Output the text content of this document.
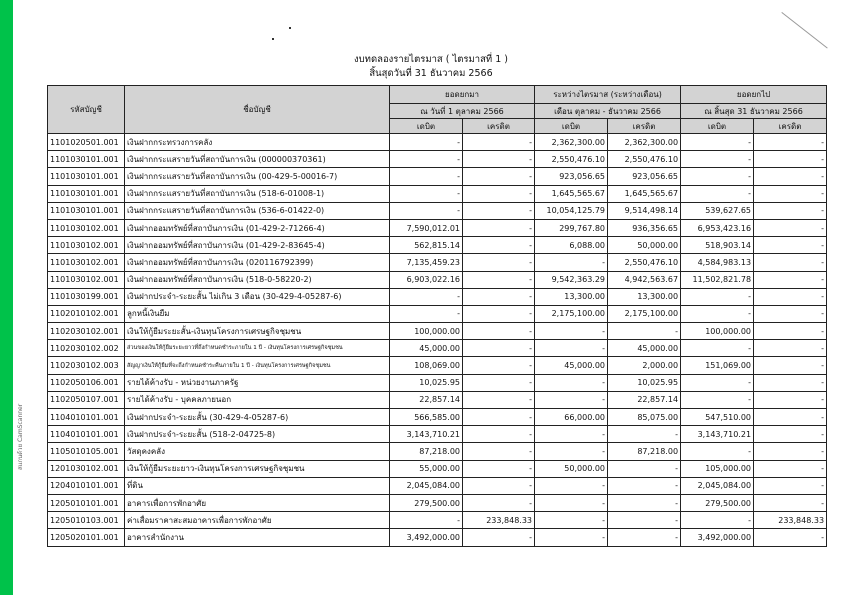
สแกนด้วย CamScanner
งบทดลองรายไตรมาส ( ไตรมาสที่ 1 )
สิ้นสุดวันที่ 31 ธันวาคม 2566
รหัสบัญชี	ชื่อบัญชี	ยอดยกมา		ระหว่างไตรมาส (ระหว่างเดือน)		ยอดยกไป	
		ณ วันที่ 1 ตุลาคม 2566		เดือน ตุลาคม - ธันวาคม 2566		ณ สิ้นสุด 31 ธันวาคม 2566	
		เดบิต	เครดิต	เดบิต	เครดิต	เดบิต	เครดิต
1101020501.001	เงินฝากกระทรวงการคลัง	-	-	2,362,300.00	2,362,300.00	-	-
1101030101.001	เงินฝากกระแสรายวันที่สถาบันการเงิน (000000370361)	-	-	2,550,476.10	2,550,476.10	-	-
1101030101.001	เงินฝากกระแสรายวันที่สถาบันการเงิน (00-429-5-00016-7)	-	-	923,056.65	923,056.65	-	-
1101030101.001	เงินฝากกระแสรายวันที่สถาบันการเงิน (518-6-01008-1)	-	-	1,645,565.67	1,645,565.67	-	-
1101030101.001	เงินฝากกระแสรายวันที่สถาบันการเงิน (536-6-01422-0)	-	-	10,054,125.79	9,514,498.14	539,627.65	-
1101030102.001	เงินฝากออมทรัพย์ที่สถาบันการเงิน (01-429-2-71266-4)	7,590,012.01	-	299,767.80	936,356.65	6,953,423.16	-
1101030102.001	เงินฝากออมทรัพย์ที่สถาบันการเงิน (01-429-2-83645-4)	562,815.14	-	6,088.00	50,000.00	518,903.14	-
1101030102.001	เงินฝากออมทรัพย์ที่สถาบันการเงิน (020116792399)	7,135,459.23	-	-	2,550,476.10	4,584,983.13	-
1101030102.001	เงินฝากออมทรัพย์ที่สถาบันการเงิน (518-0-58220-2)	6,903,022.16	-	9,542,363.29	4,942,563.67	11,502,821.78	-
1101030199.001	เงินฝากประจำ-ระยะสั้น ไม่เกิน 3 เดือน (30-429-4-05287-6)	-	-	13,300.00	13,300.00	-	-
1102010102.001	ลูกหนี้เงินยืม	-	-	2,175,100.00	2,175,100.00	-	-
1102030102.001	เงินให้กู้ยืมระยะสั้น-เงินทุนโครงการเศรษฐกิจชุมชน	100,000.00	-	-	-	100,000.00	-
1102030102.002	ส่วนของเงินให้กู้ยืมระยะยาวที่ถึงกำหนดชำระภายใน 1 ปี - เงินทุนโครงการเศรษฐกิจชุมชน	45,000.00	-	-	45,000.00	-	-
1102030102.003	สัญญาเงินให้กู้ยืมที่จะถึงกำหนดชำระคืนภายใน 1 ปี - เงินทุนโครงการเศรษฐกิจชุมชน	108,069.00	-	45,000.00	2,000.00	151,069.00	-
1102050106.001	รายได้ค้างรับ - หน่วยงานภาครัฐ	10,025.95	-	-	10,025.95	-	-
1102050107.001	รายได้ค้างรับ - บุคคลภายนอก	22,857.14	-	-	22,857.14	-	-
1104010101.001	เงินฝากประจำ-ระยะสั้น (30-429-4-05287-6)	566,585.00	-	66,000.00	85,075.00	547,510.00	-
1104010101.001	เงินฝากประจำ-ระยะสั้น (518-2-04725-8)	3,143,710.21	-	-	-	3,143,710.21	-
1105010105.001	วัสดุคงคลัง	87,218.00	-	-	87,218.00	-	-
1201030102.001	เงินให้กู้ยืมระยะยาว-เงินทุนโครงการเศรษฐกิจชุมชน	55,000.00	-	50,000.00	-	105,000.00	-
1204010101.001	ที่ดิน	2,045,084.00	-	-	-	2,045,084.00	-
1205010101.001	อาคารเพื่อการพักอาศัย	279,500.00	-	-	-	279,500.00	-
1205010103.001	ค่าเสื่อมราคาสะสมอาคารเพื่อการพักอาศัย	-	233,848.33	-	-	-	233,848.33
1205020101.001	อาคารสำนักงาน	3,492,000.00	-	-	-	3,492,000.00	-
